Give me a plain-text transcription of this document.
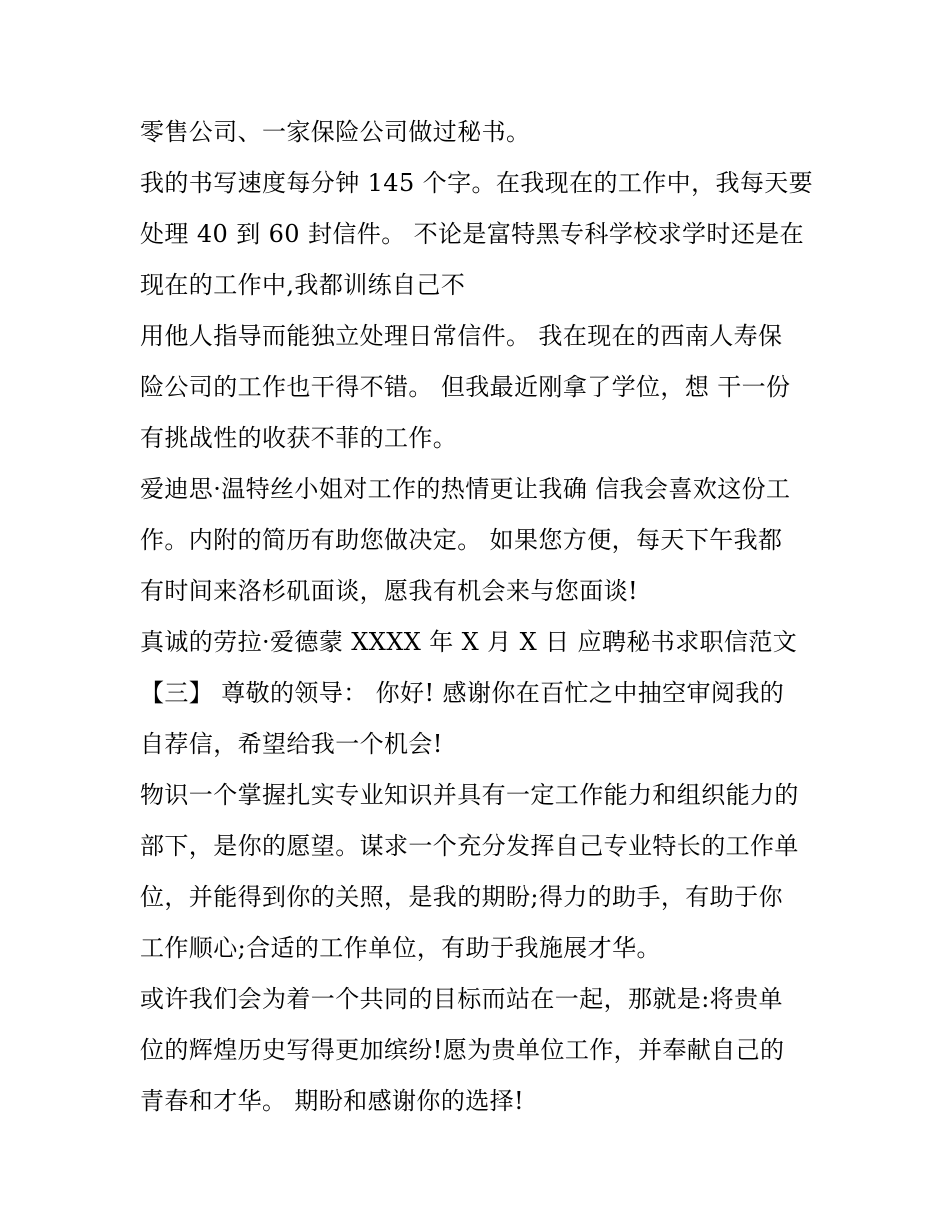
零售公司、一家保险公司做过秘书。
我的书写速度每分钟 145 个字。在我现在的工作中，我每天要
处理 40 到 60 封信件。 不论是富特黑专科学校求学时还是在
现在的工作中,我都训练自己不
用他人指导而能独立处理日常信件。 我在现在的西南人寿保
险公司的工作也干得不错。 但我最近刚拿了学位，想 干一份
有挑战性的收获不菲的工作。
爱迪思·温特丝小姐对工作的热情更让我确 信我会喜欢这份工
作。内附的简历有助您做决定。 如果您方便，每天下午我都
有时间来洛杉矶面谈，愿我有机会来与您面谈!
真诚的劳拉·爱德蒙 XXXX 年 X 月 X 日 应聘秘书求职信范文
【三】 尊敬的领导： 你好! 感谢你在百忙之中抽空审阅我的
自荐信，希望给我一个机会!
物识一个掌握扎实专业知识并具有一定工作能力和组织能力的
部下，是你的愿望。谋求一个充分发挥自己专业特长的工作单
位，并能得到你的关照，是我的期盼;得力的助手，有助于你
工作顺心;合适的工作单位，有助于我施展才华。
或许我们会为着一个共同的目标而站在一起，那就是:将贵单
位的辉煌历史写得更加缤纷!愿为贵单位工作，并奉献自己的
青春和才华。 期盼和感谢你的选择!
